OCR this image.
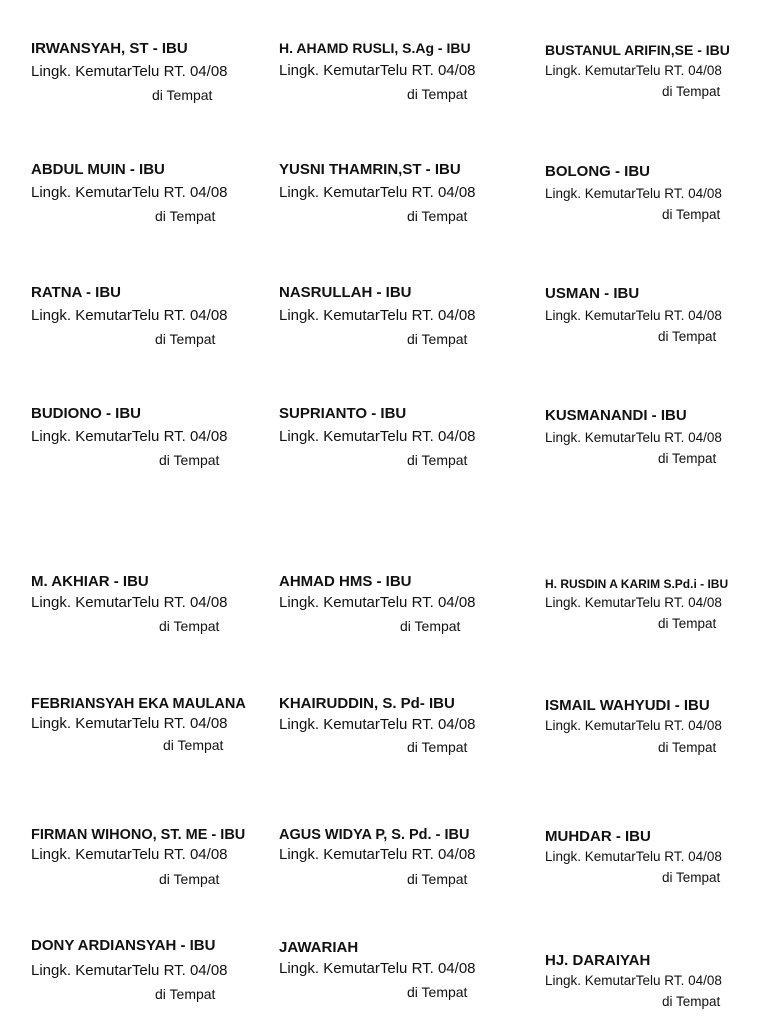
IRWANSYAH, ST - IBU
Lingk. KemutarTelu RT. 04/08
di Tempat
H. AHAMD RUSLI, S.Ag - IBU
Lingk. KemutarTelu RT. 04/08
di Tempat
BUSTANUL ARIFIN,SE - IBU
Lingk. KemutarTelu RT. 04/08
di Tempat
ABDUL MUIN - IBU
Lingk. KemutarTelu RT. 04/08
di Tempat
YUSNI THAMRIN,ST - IBU
Lingk. KemutarTelu RT. 04/08
di Tempat
BOLONG - IBU
Lingk. KemutarTelu RT. 04/08
di Tempat
RATNA - IBU
Lingk. KemutarTelu RT. 04/08
di Tempat
NASRULLAH - IBU
Lingk. KemutarTelu RT. 04/08
di Tempat
USMAN - IBU
Lingk. KemutarTelu RT. 04/08
di Tempat
BUDIONO - IBU
Lingk. KemutarTelu RT. 04/08
di Tempat
SUPRIANTO - IBU
Lingk. KemutarTelu RT. 04/08
di Tempat
KUSMANANDI - IBU
Lingk. KemutarTelu RT. 04/08
di Tempat
M. AKHIAR - IBU
Lingk. KemutarTelu RT. 04/08
di Tempat
AHMAD HMS - IBU
Lingk. KemutarTelu RT. 04/08
di Tempat
H. RUSDIN A KARIM S.Pd.i - IBU
Lingk. KemutarTelu RT. 04/08
di Tempat
FEBRIANSYAH EKA MAULANA
Lingk. KemutarTelu RT. 04/08
di Tempat
KHAIRUDDIN, S. Pd- IBU
Lingk. KemutarTelu RT. 04/08
di Tempat
ISMAIL WAHYUDI - IBU
Lingk. KemutarTelu RT. 04/08
di Tempat
FIRMAN WIHONO, ST. ME - IBU
Lingk. KemutarTelu RT. 04/08
di Tempat
AGUS WIDYA P, S. Pd. - IBU
Lingk. KemutarTelu RT. 04/08
di Tempat
MUHDAR - IBU
Lingk. KemutarTelu RT. 04/08
di Tempat
DONY ARDIANSYAH - IBU
Lingk. KemutarTelu RT. 04/08
di Tempat
JAWARIAH
Lingk. KemutarTelu RT. 04/08
di Tempat
HJ. DARAIYAH
Lingk. KemutarTelu RT. 04/08
di Tempat
